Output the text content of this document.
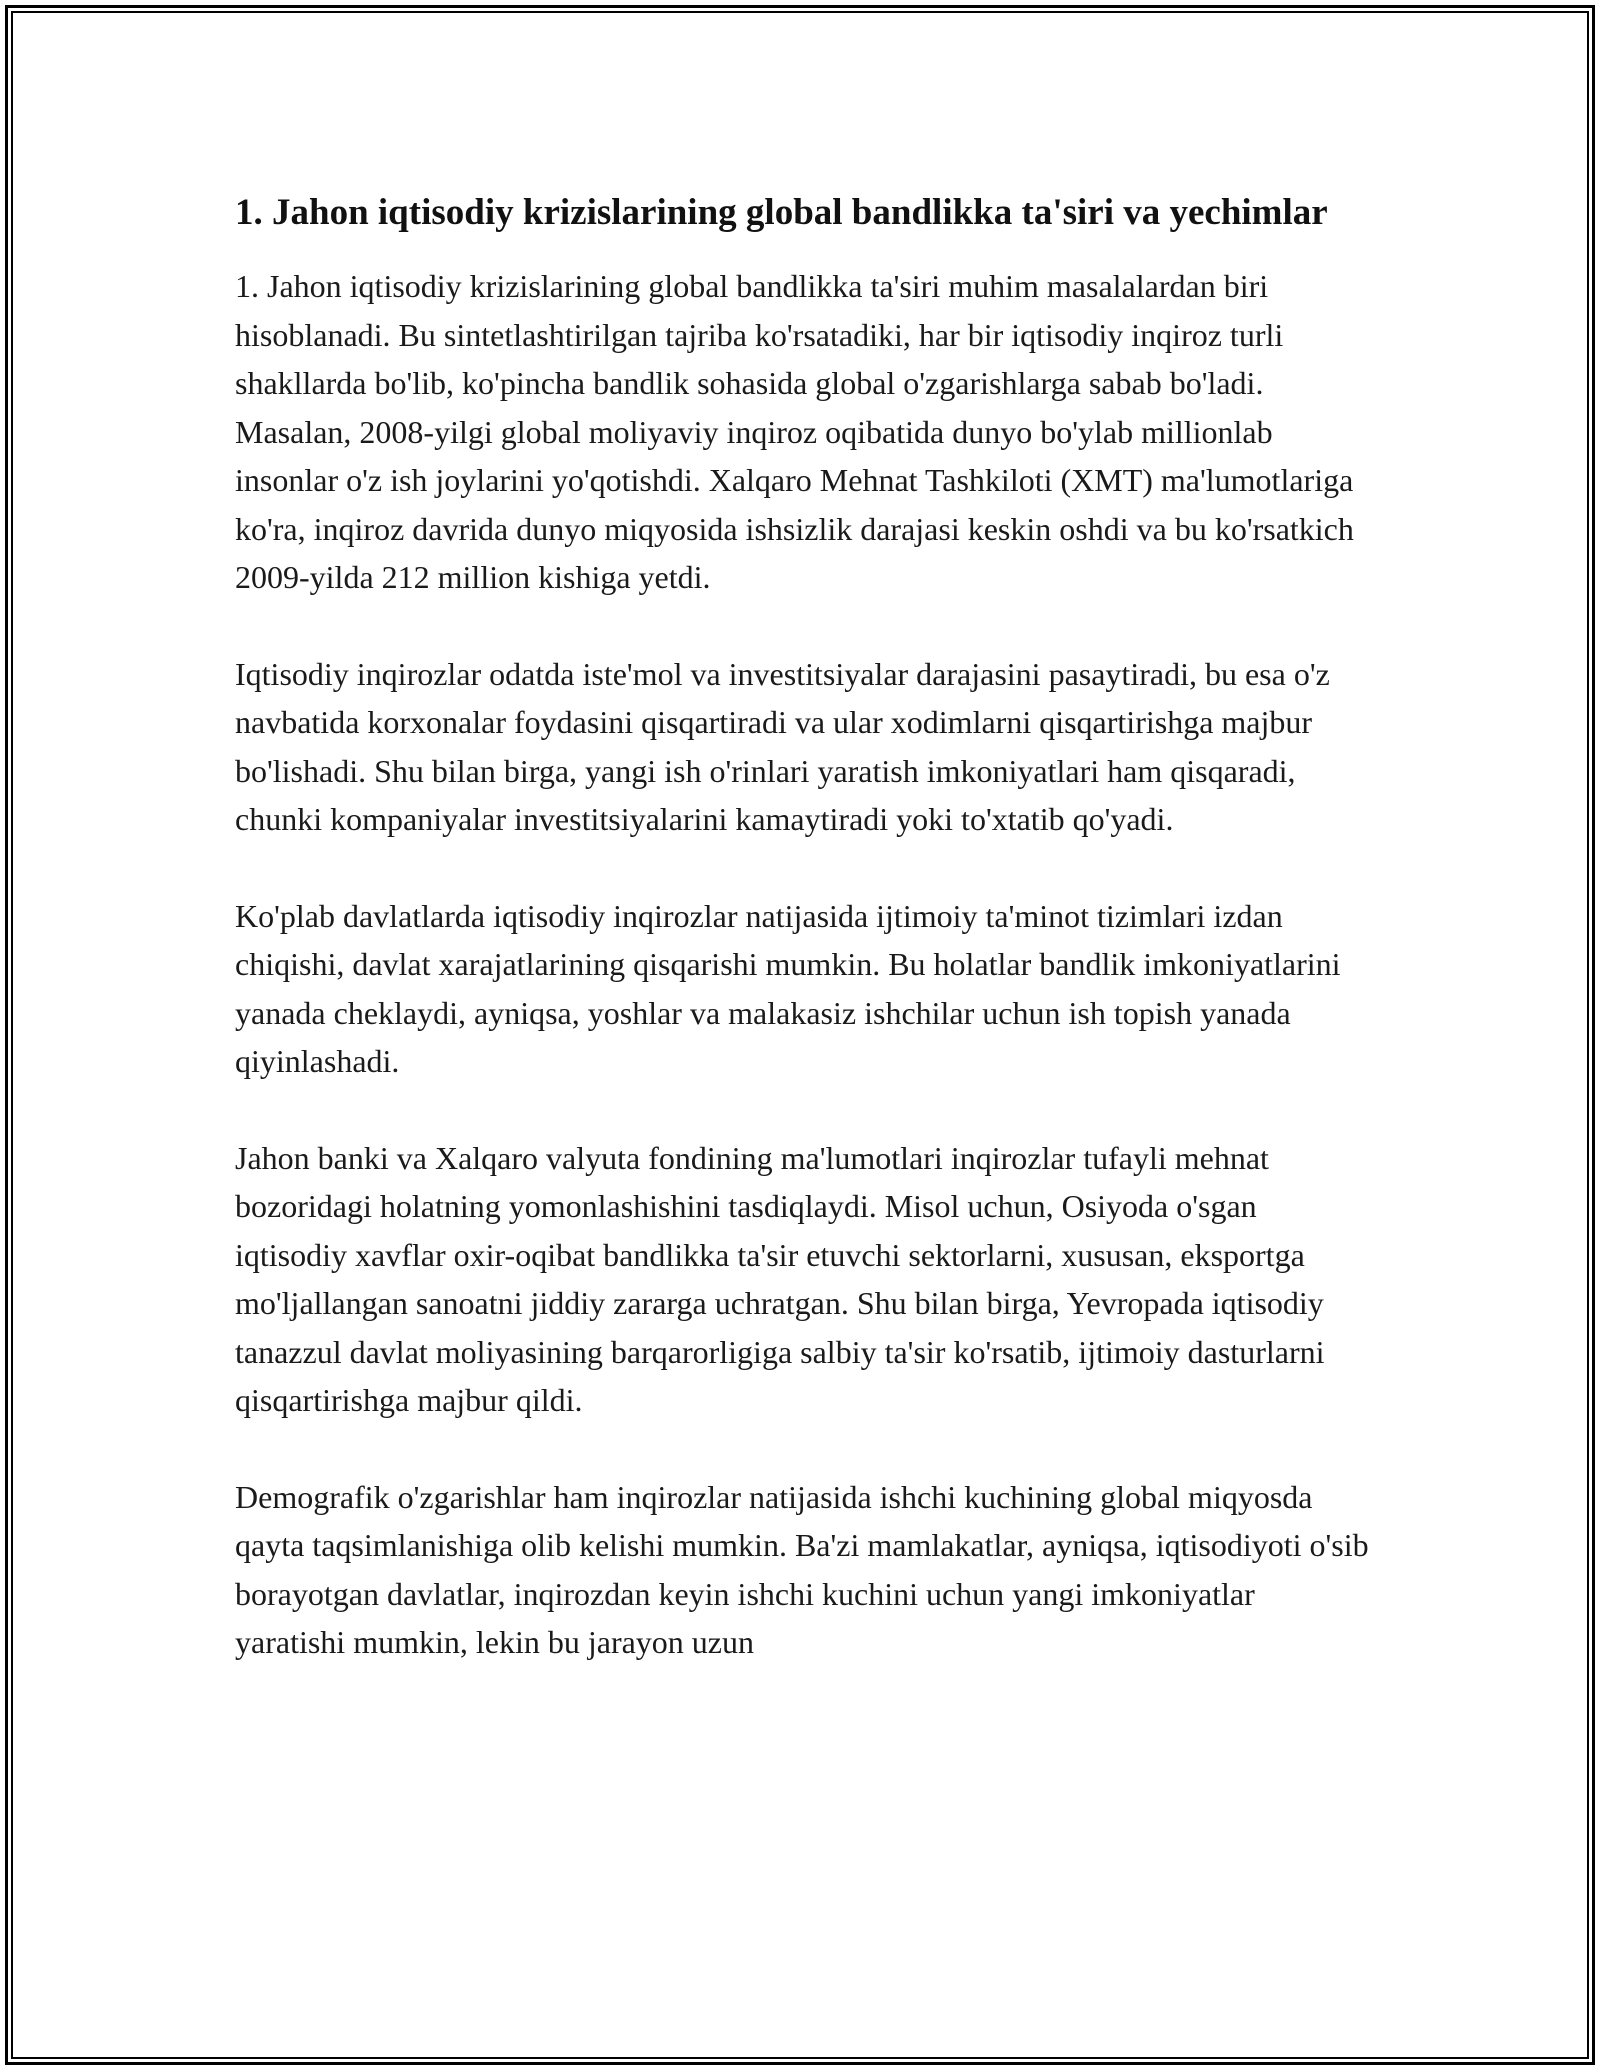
1. Jahon iqtisodiy krizislarining global bandlikka ta'siri va yechimlar

1. Jahon iqtisodiy krizislarining global bandlikka ta'siri muhim masalalardan biri hisoblanadi. Bu sintetlashtirilgan tajriba ko'rsatadiki, har bir iqtisodiy inqiroz turli shakllarda bo'lib, ko'pincha bandlik sohasida global o'zgarishlarga sabab bo'ladi. Masalan, 2008-yilgi global moliyaviy inqiroz oqibatida dunyo bo'ylab millionlab insonlar o'z ish joylarini yo'qotishdi. Xalqaro Mehnat Tashkiloti (XMT) ma'lumotlariga ko'ra, inqiroz davrida dunyo miqyosida ishsizlik darajasi keskin oshdi va bu ko'rsatkich 2009-yilda 212 million kishiga yetdi.

Iqtisodiy inqirozlar odatda iste'mol va investitsiyalar darajasini pasaytiradi, bu esa o'z navbatida korxonalar foydasini qisqartiradi va ular xodimlarni qisqartirishga majbur bo'lishadi. Shu bilan birga, yangi ish o'rinlari yaratish imkoniyatlari ham qisqaradi, chunki kompaniyalar investitsiyalarini kamaytiradi yoki to'xtatib qo'yadi.

Ko'plab davlatlarda iqtisodiy inqirozlar natijasida ijtimoiy ta'minot tizimlari izdan chiqishi, davlat xarajatlarining qisqarishi mumkin. Bu holatlar bandlik imkoniyatlarini yanada cheklaydi, ayniqsa, yoshlar va malakasiz ishchilar uchun ish topish yanada qiyinlashadi.

Jahon banki va Xalqaro valyuta fondining ma'lumotlari inqirozlar tufayli mehnat bozoridagi holatning yomonlashishini tasdiqlaydi. Misol uchun, Osiyoda o'sgan iqtisodiy xavflar oxir-oqibat bandlikka ta'sir etuvchi sektorlarni, xususan, eksportga mo'ljallangan sanoatni jiddiy zararga uchratgan. Shu bilan birga, Yevropada iqtisodiy tanazzul davlat moliyasining barqarorligiga salbiy ta'sir ko'rsatib, ijtimoiy dasturlarni qisqartirishga majbur qildi.

Demografik o'zgarishlar ham inqirozlar natijasida ishchi kuchining global miqyosda qayta taqsimlanishiga olib kelishi mumkin. Ba'zi mamlakatlar, ayniqsa, iqtisodiyoti o'sib borayotgan davlatlar, inqirozdan keyin ishchi kuchini uchun yangi imkoniyatlar yaratishi mumkin, lekin bu jarayon uzun
